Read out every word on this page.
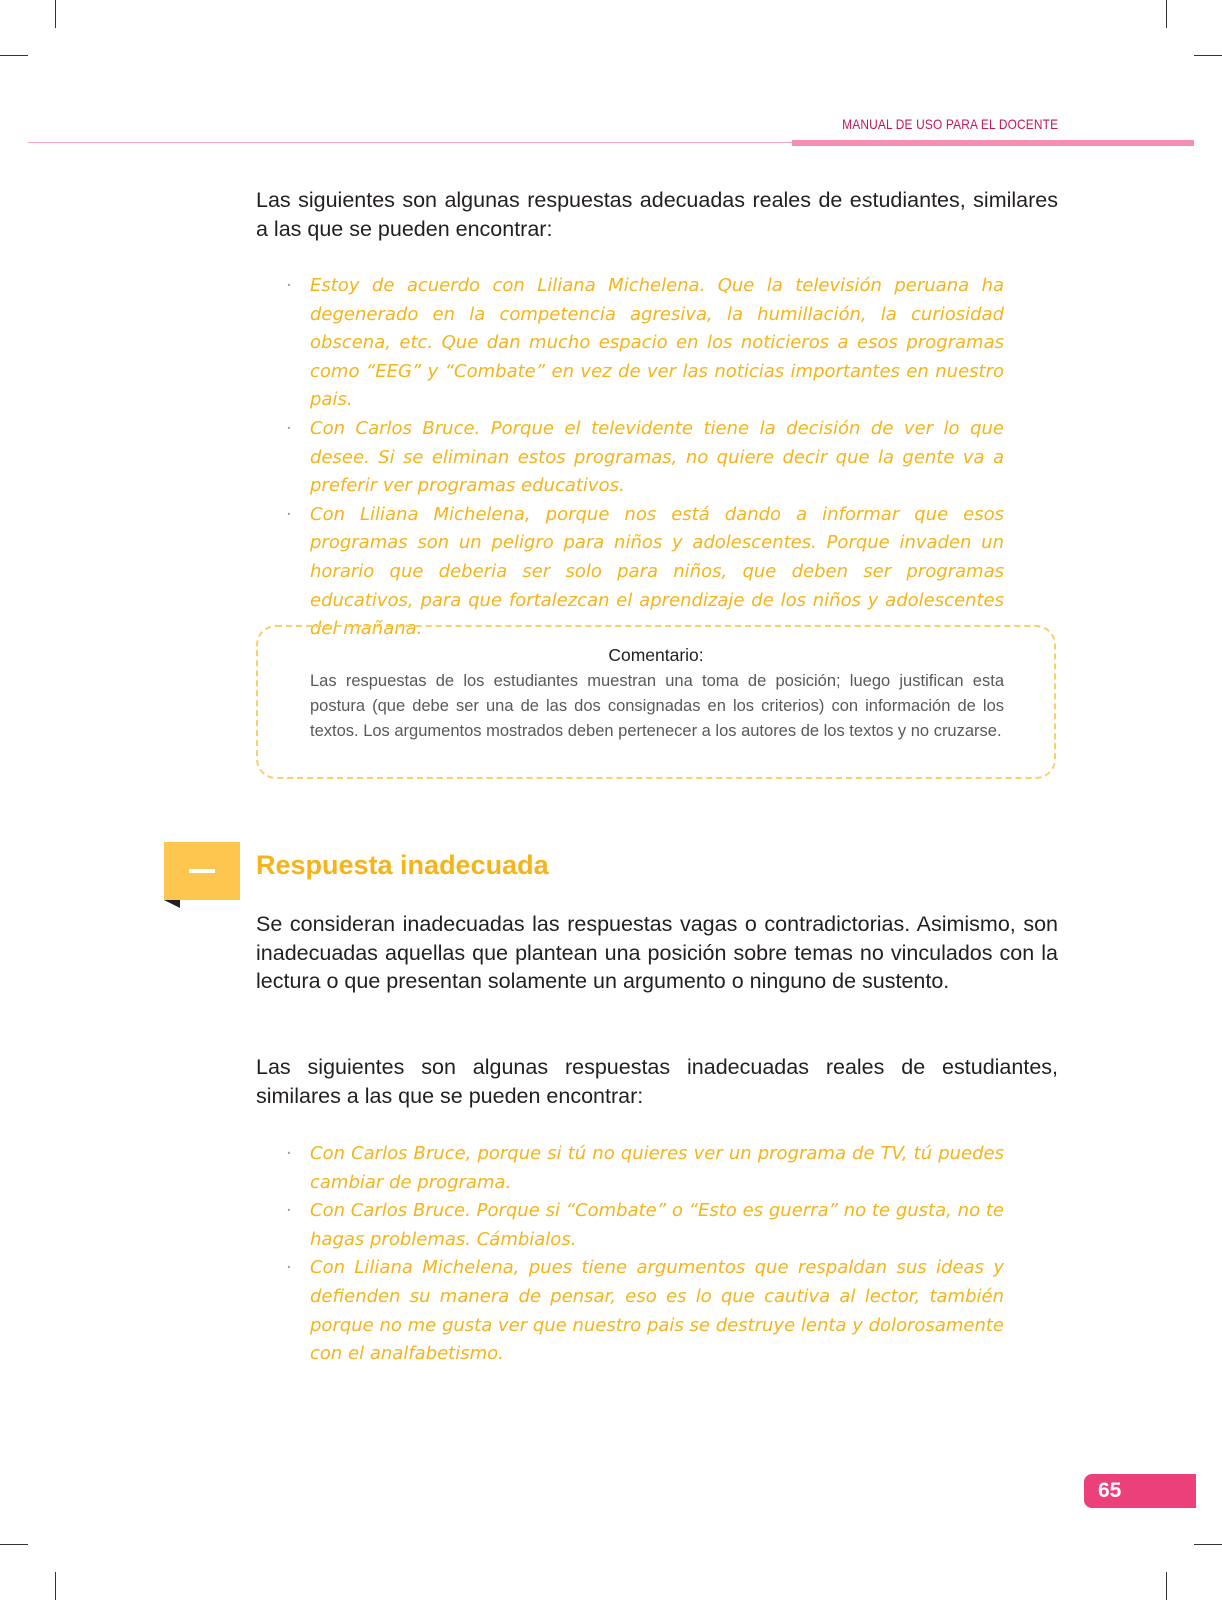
MANUAL DE USO PARA EL DOCENTE

Las siguientes son algunas respuestas adecuadas reales de estudiantes, similares a las que se pueden encontrar:

· Estoy de acuerdo con Liliana Michelena. Que la televisión peruana ha degenerado en la competencia agresiva, la humillación, la curiosidad obscena, etc. Que dan mucho espacio en los noticieros a esos programas como “EEG” y “Combate” en vez de ver las noticias importantes en nuestro pais.
· Con Carlos Bruce. Porque el televidente tiene la decisión de ver lo que desee. Si se eliminan estos programas, no quiere decir que la gente va a preferir ver programas educativos.
· Con Liliana Michelena, porque nos está dando a informar que esos programas son un peligro para niños y adolescentes. Porque invaden un horario que deberia ser solo para niños, que deben ser programas educativos, para que fortalezcan el aprendizaje de los niños y adolescentes del mañana.
Comentario:
Las respuestas de los estudiantes muestran una toma de posición; luego justifican esta postura (que debe ser una de las dos consignadas en los criterios) con información de los textos. Los argumentos mostrados deben pertenecer a los autores de los textos y no cruzarse.
Respuesta inadecuada

Se consideran inadecuadas las respuestas vagas o contradictorias. Asimismo, son inadecuadas aquellas que plantean una posición sobre temas no vinculados con la lectura o que presentan solamente un argumento o ninguno de sustento.

Las siguientes son algunas respuestas inadecuadas reales de estudiantes, similares a las que se pueden encontrar:

· Con Carlos Bruce, porque si tú no quieres ver un programa de TV, tú puedes cambiar de programa.
· Con Carlos Bruce. Porque si “Combate” o “Esto es guerra” no te gusta, no te hagas problemas. Cámbialos.
· Con Liliana Michelena, pues tiene argumentos que respaldan sus ideas y defienden su manera de pensar, eso es lo que cautiva al lector, también porque no me gusta ver que nuestro pais se destruye lenta y dolorosamente con el analfabetismo.
65
